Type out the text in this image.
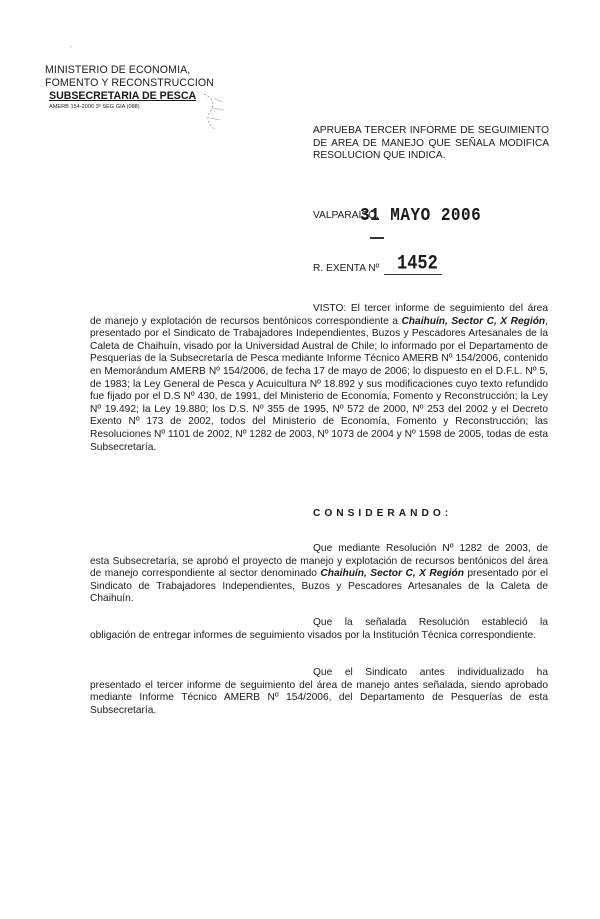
.
MINISTERIO DE ECONOMIA,
FOMENTO Y RECONSTRUCCION
SUBSECRETARIA DE PESCA
AMERB 154-2006 3º SEG GIA (088)

APRUEBA TERCER INFORME DE SEGUIMIENTO DE AREA DE MANEJO QUE SEÑALA MODIFICA RESOLUCION QUE INDICA.

VALPARAISO,
31 MAYO 2006
R. EXENTA Nº 1452

VISTO: El tercer informe de seguimiento del área de manejo y explotación de recursos bentónicos correspondiente a Chaihuín, Sector C, X Región, presentado por el Sindicato de Trabajadores Independientes, Buzos y Pescadores Artesanales de la Caleta de Chaihuín, visado por la Universidad Austral de Chile; lo informado por el Departamento de Pesquerías de la Subsecretaría de Pesca mediante Informe Técnico AMERB Nº 154/2006, contenido en Memorándum AMERB Nº 154/2006, de fecha 17 de mayo de 2006; lo dispuesto en el D.F.L. Nº 5, de 1983; la Ley General de Pesca y Acuicultura Nº 18.892 y sus modificaciones cuyo texto refundido fue fijado por el D.S Nº 430, de 1991, del Ministerio de Economía, Fomento y Reconstrucción; la Ley Nº 19.492; la Ley 19.880; los D.S. Nº 355 de 1995, Nº 572 de 2000, Nº 253 del 2002 y el Decreto Exento Nº 173 de 2002, todos del Ministerio de Economía, Fomento y Reconstrucción; las Resoluciones Nº 1101 de 2002, Nº 1282 de 2003, Nº 1073 de 2004 y Nº 1598 de 2005, todas de esta Subsecretaría.

CONSIDERANDO:

Que mediante Resolución Nº 1282 de 2003, de esta Subsecretaría, se aprobó el proyecto de manejo y explotación de recursos bentónicos del área de manejo correspondiente al sector denominado Chaihuín, Sector C, X Región presentado por el Sindicato de Trabajadores Independientes, Buzos y Pescadores Artesanales de la Caleta de Chaihuín.

Que la señalada Resolución estableció la obligación de entregar informes de seguimiento visados por la Institución Técnica correspondiente.

Que el Sindicato antes individualizado ha presentado el tercer informe de seguimiento del área de manejo antes señalada, siendo aprobado mediante Informe Técnico AMERB Nº 154/2006, del Departamento de Pesquerías de esta Subsecretaría.
